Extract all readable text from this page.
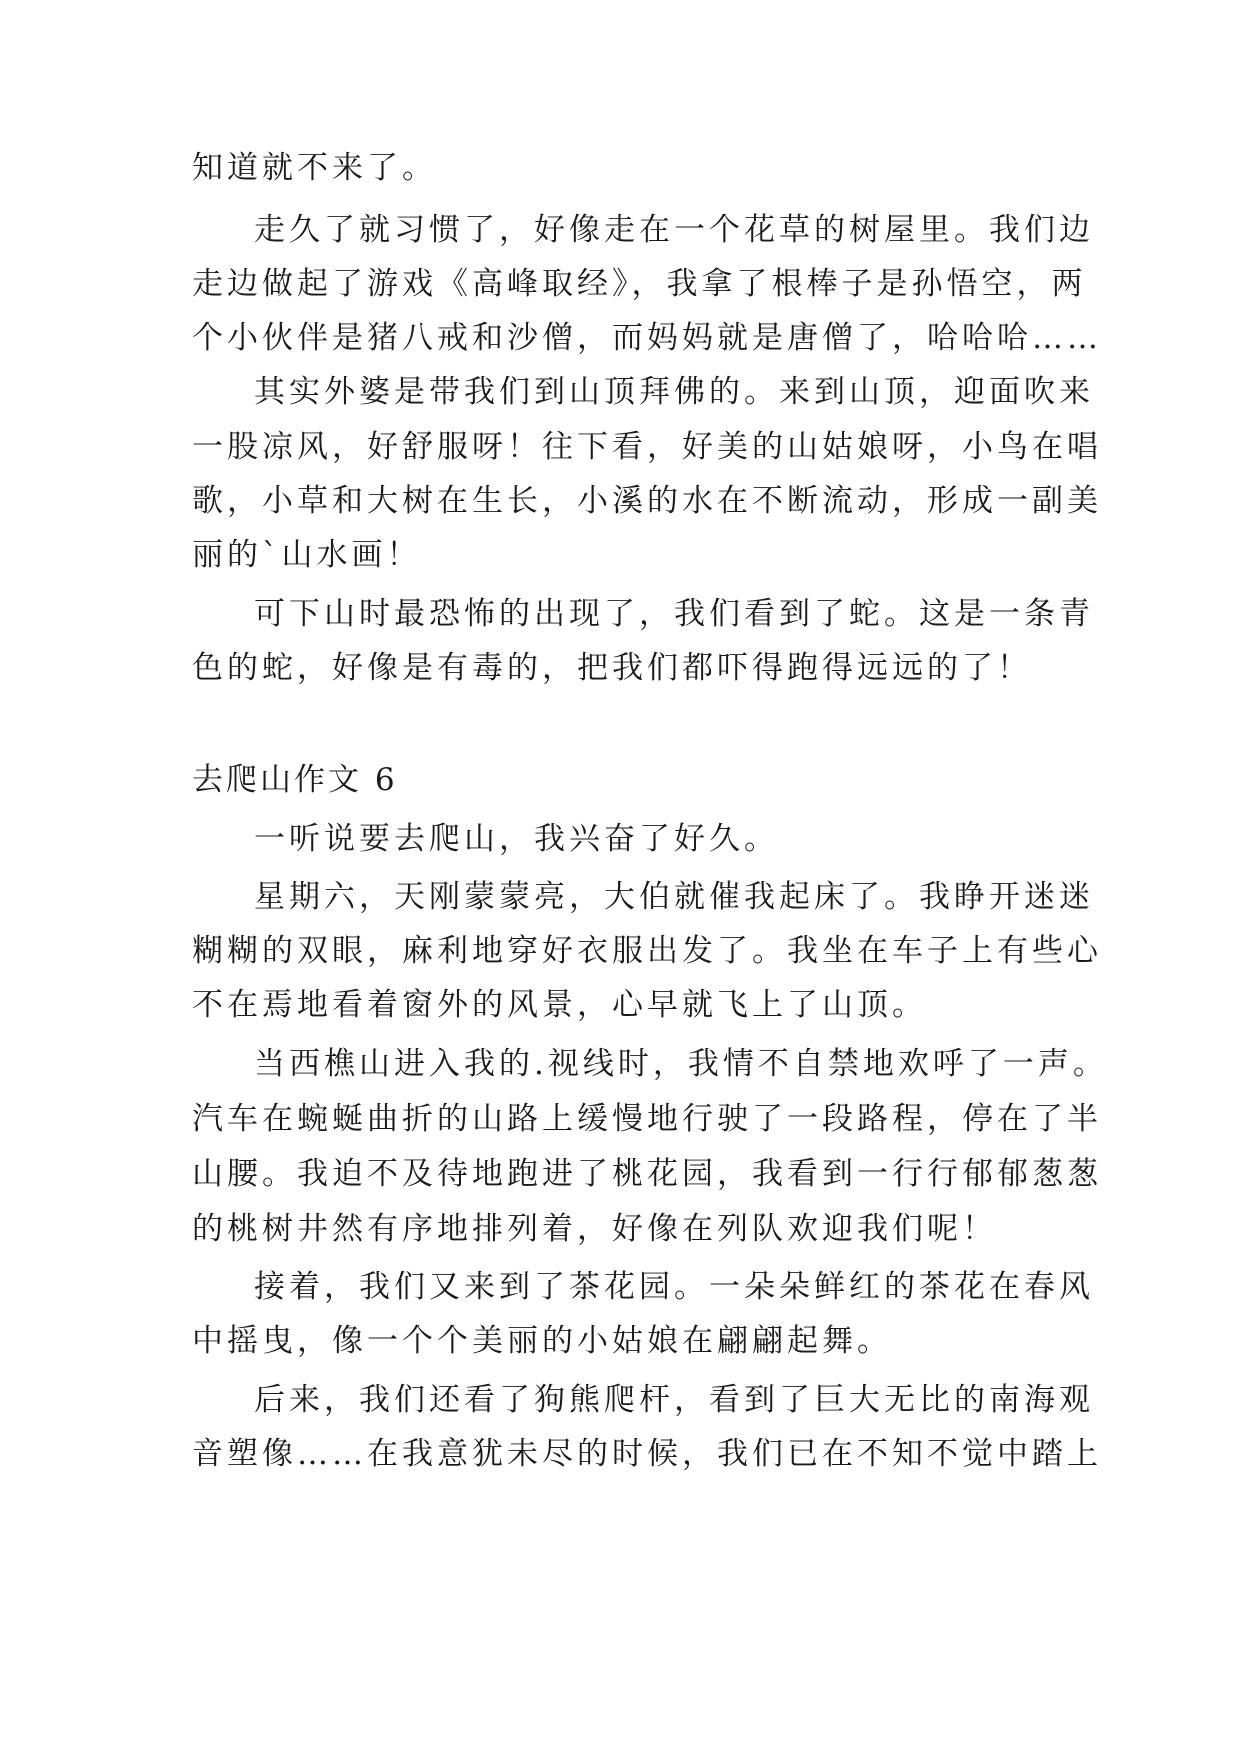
知道就不来了。

走久了就习惯了，好像走在一个花草的树屋里。我们边

走边做起了游戏《高峰取经》，我拿了根棒子是孙悟空，两

个小伙伴是猪八戒和沙僧，而妈妈就是唐僧了，哈哈哈……

其实外婆是带我们到山顶拜佛的。来到山顶，迎面吹来

一股凉风，好舒服呀！往下看，好美的山姑娘呀，小鸟在唱

歌，小草和大树在生长，小溪的水在不断流动，形成一副美

丽的`山水画！

可下山时最恐怖的出现了，我们看到了蛇。这是一条青

色的蛇，好像是有毒的，把我们都吓得跑得远远的了！

去爬山作文 6

一听说要去爬山，我兴奋了好久。

星期六，天刚蒙蒙亮，大伯就催我起床了。我睁开迷迷

糊糊的双眼，麻利地穿好衣服出发了。我坐在车子上有些心

不在焉地看着窗外的风景，心早就飞上了山顶。

当西樵山进入我的.视线时，我情不自禁地欢呼了一声。

汽车在蜿蜒曲折的山路上缓慢地行驶了一段路程，停在了半

山腰。我迫不及待地跑进了桃花园，我看到一行行郁郁葱葱

的桃树井然有序地排列着，好像在列队欢迎我们呢！

接着，我们又来到了茶花园。一朵朵鲜红的茶花在春风

中摇曳，像一个个美丽的小姑娘在翩翩起舞。

后来，我们还看了狗熊爬杆，看到了巨大无比的南海观

音塑像……在我意犹未尽的时候，我们已在不知不觉中踏上
